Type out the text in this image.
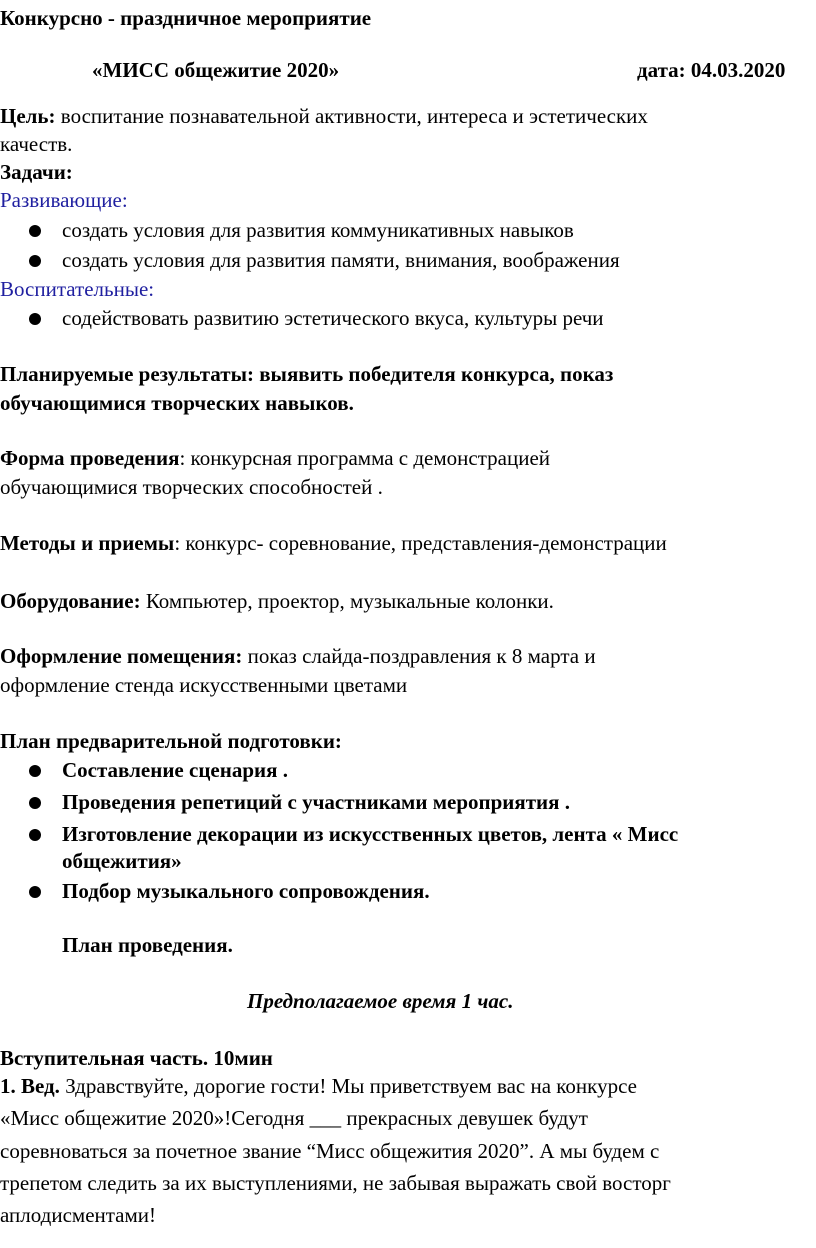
Конкурсно - праздничное мероприятие
«МИСС общежитие 2020»	дата: 04.03.2020
Цель: воспитание познавательной активности, интереса и эстетических
качеств.
Задачи:
Развивающие:
создать условия для развития коммуникативных навыков
создать условия для развития памяти, внимания, воображения
Воспитательные:
содействовать развитию эстетического вкуса, культуры речи
Планируемые результаты: выявить победителя конкурса, показ
обучающимися творческих навыков.
Форма проведения: конкурсная программа с демонстрацией
обучающимися творческих способностей .
Методы и приемы: конкурс- соревнование, представления-демонстрации
Оборудование: Компьютер, проектор, музыкальные колонки.
Оформление помещения: показ слайда-поздравления к 8 марта и
оформление стенда искусственными цветами
План предварительной подготовки:
Составление сценария .
Проведения репетиций с участниками мероприятия .
Изготовление декорации из искусственных цветов, лента « Мисс
общежития»
Подбор музыкального сопровождения.
План проведения.
Предполагаемое время 1 час.
Вступительная часть. 10мин
1. Вед. Здравствуйте, дорогие гости! Мы приветствуем вас на конкурсе
«Мисс общежитие 2020»!Сегодня ___ прекрасных девушек будут
соревноваться за почетное звание “Мисс общежития 2020”. А мы будем с
трепетом следить за их выступлениями, не забывая выражать свой восторг
аплодисментами!
